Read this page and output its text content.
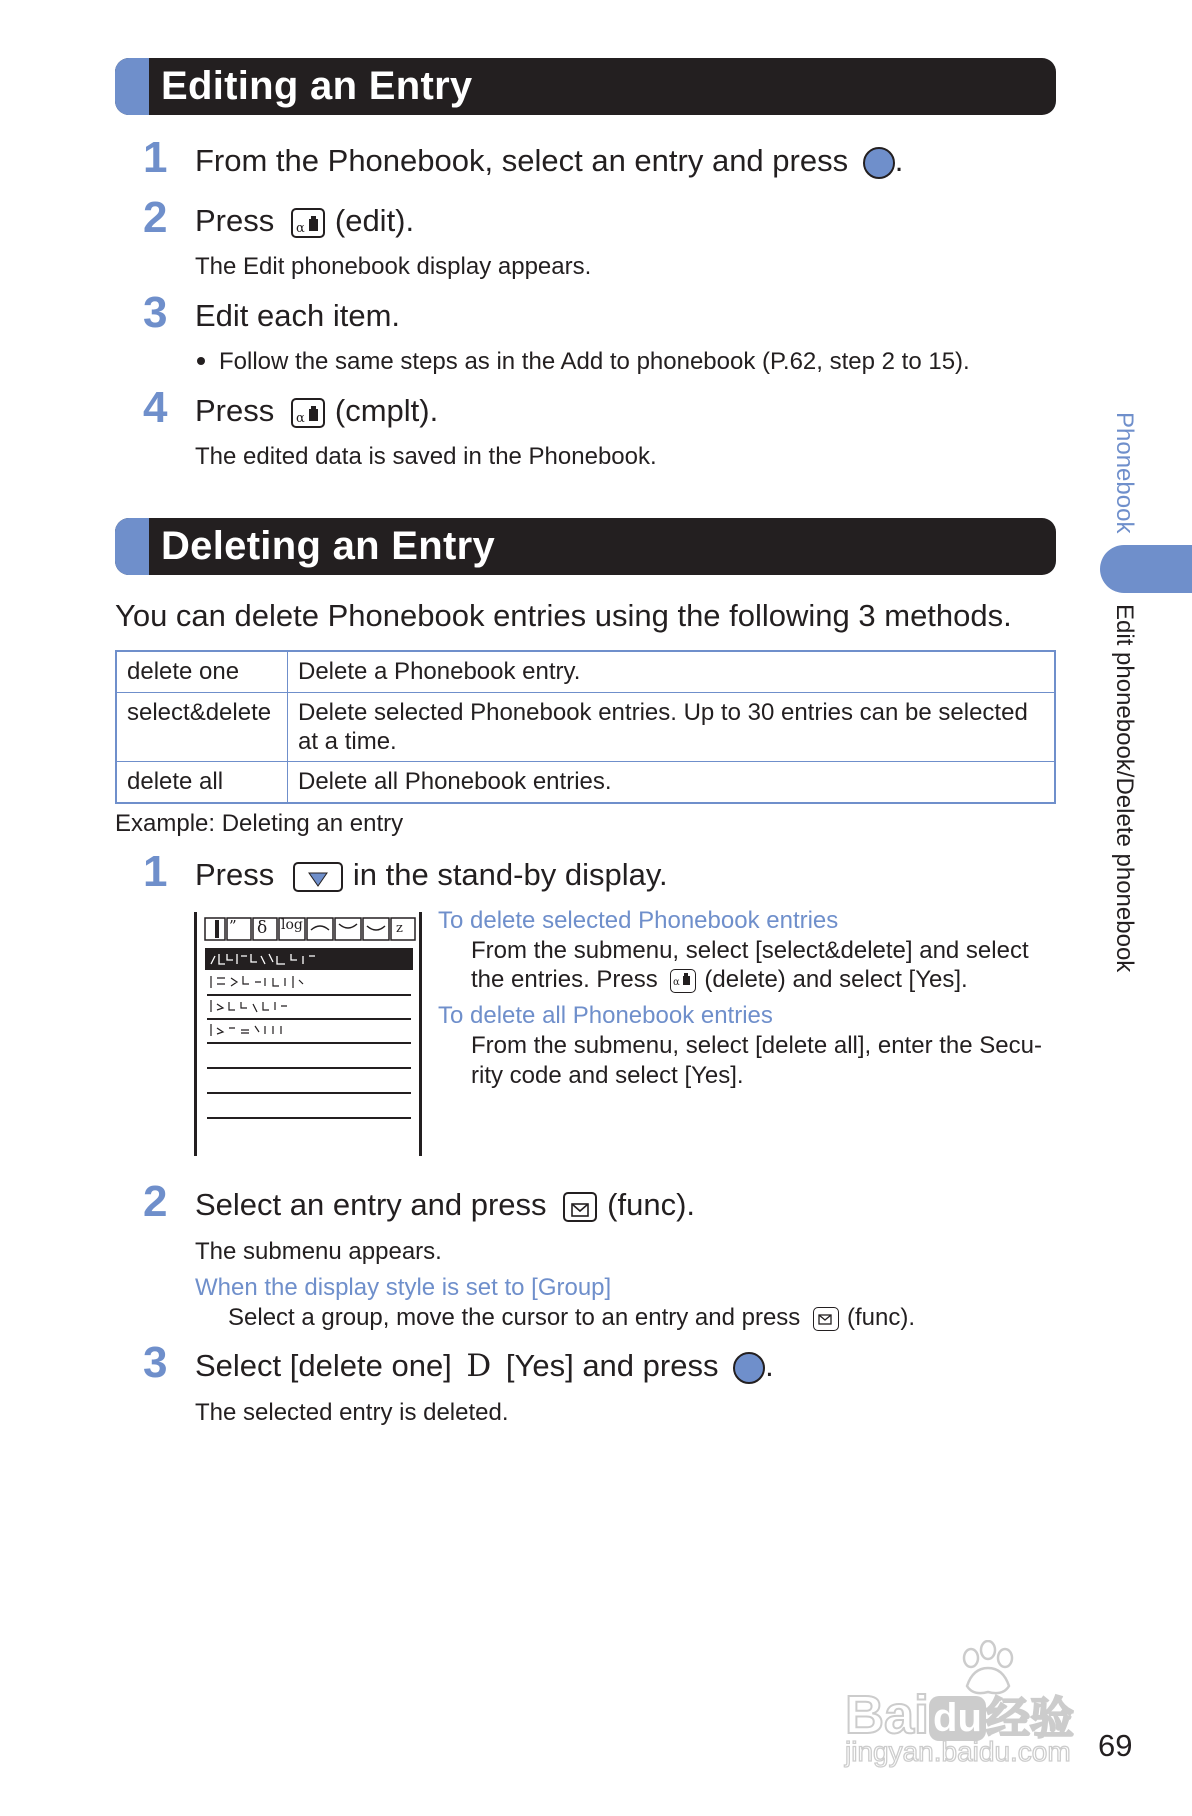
Editing an Entry
1 From the Phonebook, select an entry and press .
2 Press α (edit).
The Edit phonebook display appears.
3 Edit each item.
Follow the same steps as in the Add to phonebook (P.62, step 2 to 15).
4 Press α (cmplt).
The edited data is saved in the Phonebook.
Deleting an Entry
You can delete Phonebook entries using the following 3 methods.
delete one	Delete a Phonebook entry.
select&delete	Delete selected Phonebook entries. Up to 30 entries can be selected at a time.
delete all	Delete all Phonebook entries.
Example: Deleting an entry
1 Press	in the stand-by display.
” δ log	z To delete selected Phonebook entries
From the submenu, select [select&delete] and select
the entries. Press α (delete) and select [Yes].
To delete all Phonebook entries
From the submenu, select [delete all], enter the Secu-
rity code and select [Yes].
2 Select an entry and press (func).
The submenu appears.
When the display style is set to [Group]
Select a group, move the cursor to an entry and press (func).
3 Select [delete one] D [Yes] and press .
The selected entry is deleted.
Phonebook
Edit phonebook/Delete phonebook
Bai du经验
jingyan.baidu.com 69
